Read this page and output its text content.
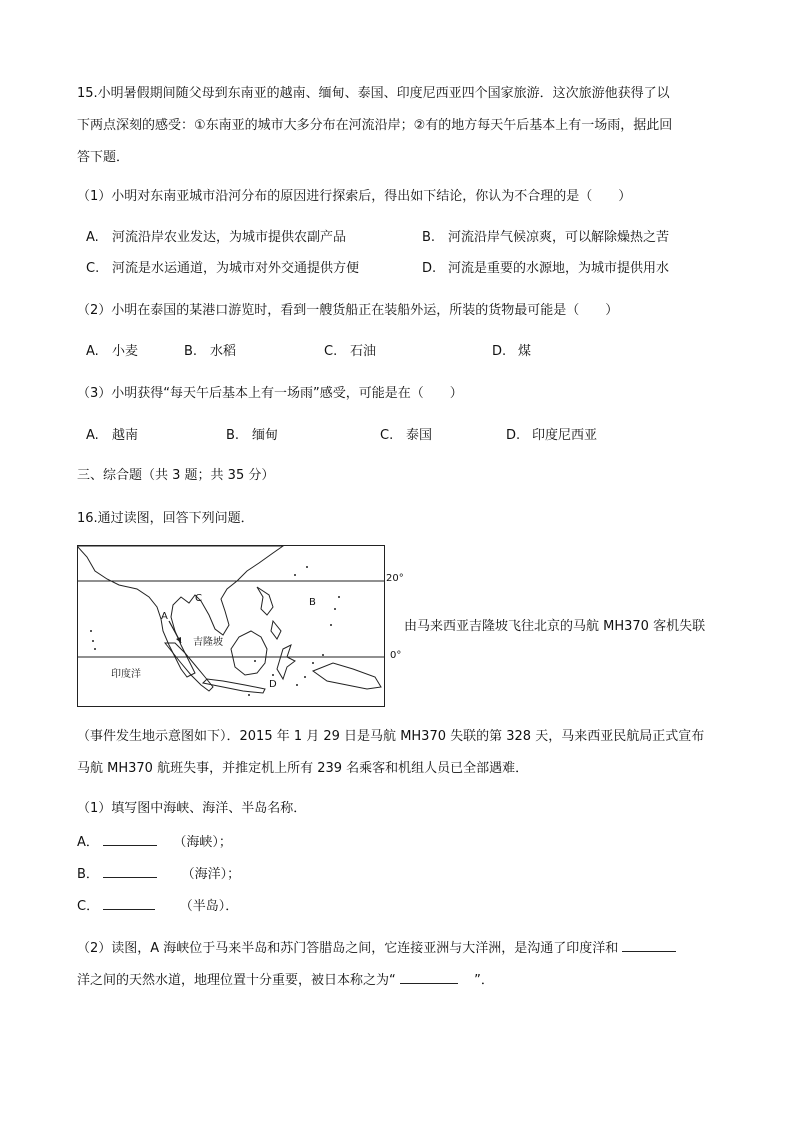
15.小明暑假期间随父母到东南亚的越南、缅甸、泰国、印度尼西亚四个国家旅游．这次旅游他获得了以
下两点深刻的感受：①东南亚的城市大多分布在河流沿岸；②有的地方每天午后基本上有一场雨，据此回
答下题．
（1）小明对东南亚城市沿河分布的原因进行探索后，得出如下结论，你认为不合理的是（　　）
A. 河流沿岸农业发达，为城市提供农副产品	B. 河流沿岸气候凉爽，可以解除燥热之苦
C. 河流是水运通道，为城市对外交通提供方便	D. 河流是重要的水源地，为城市提供用水
（2）小明在泰国的某港口游览时，看到一艘货船正在装船外运，所装的货物最可能是（　　）
A. 小麦	B. 水稻	C. 石油	D. 煤
（3）小明获得“每天午后基本上有一场雨”感受，可能是在（　　）
A. 越南	B. 缅甸	C. 泰国	D. 印度尼西亚
三、综合题（共 3 题；共 35 分）
16.通过读图，回答下列问题．
A
C	B
D
吉隆坡
印度洋
20°
0°
由马来西亚吉隆坡飞往北京的马航 MH370 客机失联
（事件发生地示意图如下）．2015 年 1 月 29 日是马航 MH370 失联的第 328 天，马来西亚民航局正式宣布
马航 MH370 航班失事，并推定机上所有 239 名乘客和机组人员已全部遇难．
（1）填写图中海峡、海洋、半岛名称．
A．	（海峡）；
B．	（海洋）；
C．	（半岛）．
（2）读图，A 海峡位于马来半岛和苏门答腊岛之间，它连接亚洲与大洋洲，是沟通了印度洋和
洋之间的天然水道，地理位置十分重要，被日本称之为“	”．
